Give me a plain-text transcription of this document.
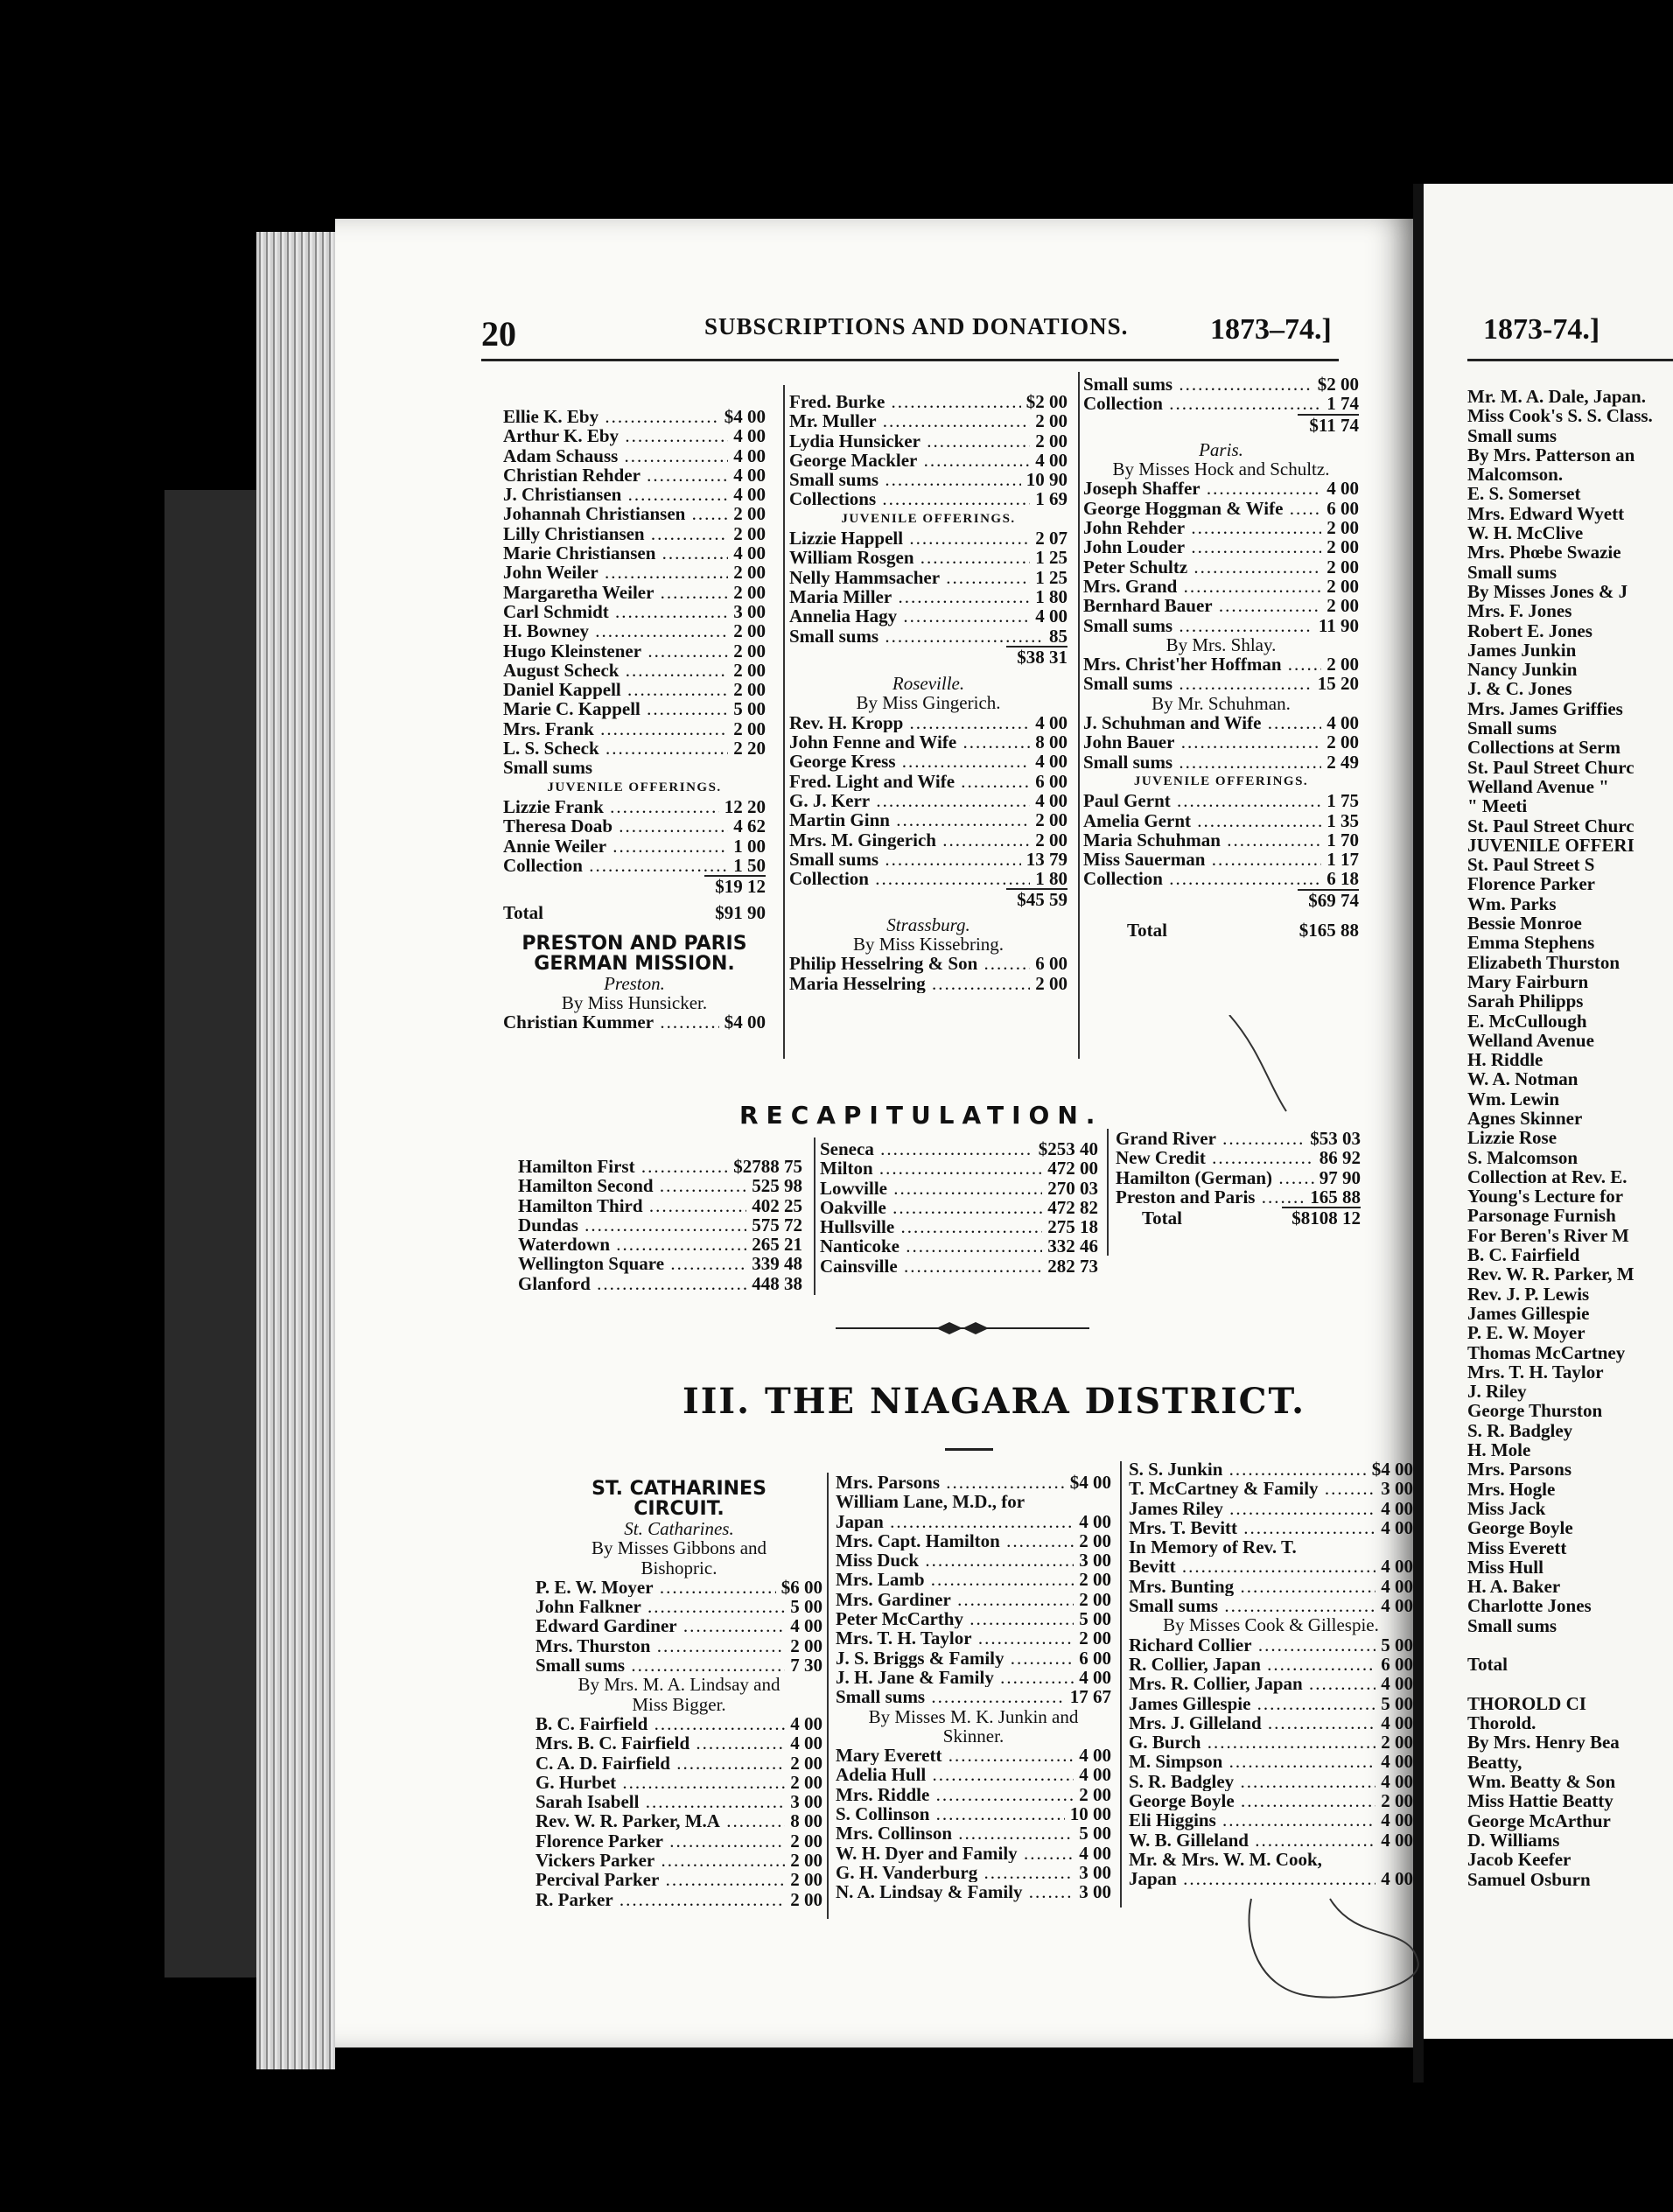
20	SUBSCRIPTIONS AND DONATIONS.	1873–74.]
Ellie K. Eby .....	$4 00
Arthur K. Eby .....	4 00
Adam Schauss .....	4 00
Christian Rehder .....	4 00
J. Christiansen .....	4 00
Johannah Christiansen .....	2 00
Lilly Christiansen .....	2 00
Marie Christiansen .....	4 00
John Weiler .....	2 00
Margaretha Weiler .....	2 00
Carl Schmidt .....	3 00
H. Bowney .....	2 00
Hugo Kleinstener .....	2 00
August Scheck .....	2 00
Daniel Kappell .....	2 00
Marie C. Kappell .....	5 00
Mrs. Frank .....	2 00
L. S. Scheck .....	2 20
Small sums
JUVENILE OFFERINGS.
Lizzie Frank .....	12 20
Theresa Doab .....	4 62
Annie Weiler .....	1 00
Collection .....	1 50
$19 12
Total	$91 90
PRESTON AND PARIS
GERMAN MISSION.
Preston.
By Miss Hunsicker.
Christian Kummer .....	$4 00
Fred. Burke .....	$2 00
Mr. Muller .....	2 00
Lydia Hunsicker .....	2 00
George Mackler .....	4 00
Small sums .....	10 90
Collections .....	1 69
JUVENILE OFFERINGS.
Lizzie Happell .....	2 07
William Rosgen .....	1 25
Nelly Hammsacher .....	1 25
Maria Miller .....	1 80
Annelia Hagy .....	4 00
Small sums .....	85
$38 31
Roseville.
By Miss Gingerich.
Rev. H. Kropp .....	4 00
John Fenne and Wife .....	8 00
George Kress .....	4 00
Fred. Light and Wife .....	6 00
G. J. Kerr .....	4 00
Martin Ginn .....	2 00
Mrs. M. Gingerich .....	2 00
Small sums .....	13 79
Collection .....	1 80
$45 59
Strassburg.
By Miss Kissebring.
Philip Hesselring & Son .....	6 00
Maria Hesselring .....	2 00
Small sums .....	$2 00
Collection .....	1 74
$11 74
Paris.
By Misses Hock and Schultz.
Joseph Shaffer .....	4 00
George Hoggman & Wife .....	6 00
John Rehder .....	2 00
John Louder .....	2 00
Peter Schultz .....	2 00
Mrs. Grand .....	2 00
Bernhard Bauer .....	2 00
Small sums .....	11 90
By Mrs. Shlay.
Mrs. Christ'her Hoffman .....	2 00
Small sums .....	15 20
By Mr. Schuhman.
J. Schuhman and Wife .....	4 00
John Bauer .....	2 00
Small sums .....	2 49
JUVENILE OFFERINGS.
Paul Gernt .....	1 75
Amelia Gernt .....	1 35
Maria Schuhman .....	1 70
Miss Sauerman .....	1 17
Collection .....	6 18
$69 74
Total	$165 88
RECAPITULATION.
Hamilton First .....	$2788 75
Hamilton Second .....	525 98
Hamilton Third .....	402 25
Dundas .....	575 72
Waterdown .....	265 21
Wellington Square .....	339 48
Glanford .....	448 38
Seneca .....	$253 40
Milton .....	472 00
Lowville .....	270 03
Oakville .....	472 82
Hullsville .....	275 18
Nanticoke .....	332 46
Cainsville .....	282 73
Grand River .....	$53 03
New Credit .....	86 92
Hamilton (German) .....	97 90
Preston and Paris .....	165 88
Total	$8108 12
III. THE NIAGARA DISTRICT.
ST. CATHARINES
CIRCUIT.
St. Catharines.
By Misses Gibbons and
Bishopric.
P. E. W. Moyer .....	$6 00
John Falkner .....	5 00
Edward Gardiner .....	4 00
Mrs. Thurston .....	2 00
Small sums .....	7 30
By Mrs. M. A. Lindsay and
Miss Bigger.
B. C. Fairfield .....	4 00
Mrs. B. C. Fairfield .....	4 00
C. A. D. Fairfield .....	2 00
G. Hurbet .....	2 00
Sarah Isabell .....	3 00
Rev. W. R. Parker, M.A .....	8 00
Florence Parker .....	2 00
Vickers Parker .....	2 00
Percival Parker .....	2 00
R. Parker .....	2 00
Mrs. Parsons .....	$4 00
William Lane, M.D., for
Japan .....	4 00
Mrs. Capt. Hamilton .....	2 00
Miss Duck .....	3 00
Mrs. Lamb .....	2 00
Mrs. Gardiner .....	2 00
Peter McCarthy .....	5 00
Mrs. T. H. Taylor .....	2 00
J. S. Briggs & Family .....	6 00
J. H. Jane & Family .....	4 00
Small sums .....	17 67
By Misses M. K. Junkin and
Skinner.
Mary Everett .....	4 00
Adelia Hull .....	4 00
Mrs. Riddle .....	2 00
S. Collinson .....	10 00
Mrs. Collinson .....	5 00
W. H. Dyer and Family .....	4 00
G. H. Vanderburg .....	3 00
N. A. Lindsay & Family .....	3 00
S. S. Junkin .....	$4 00
T. McCartney & Family .....	3 00
James Riley .....	4 00
Mrs. T. Bevitt .....	4 00
In Memory of Rev. T.
Bevitt .....	4 00
Mrs. Bunting .....	4 00
Small sums .....	4 00
By Misses Cook & Gillespie.
Richard Collier .....	5 00
R. Collier, Japan .....	6 00
Mrs. R. Collier, Japan .....	4 00
James Gillespie .....	5 00
Mrs. J. Gilleland .....	4 00
G. Burch .....	2 00
M. Simpson .....	4 00
S. R. Badgley .....	4 00
George Boyle .....	2 00
Eli Higgins .....	4 00
W. B. Gilleland .....	4 00
Mr. & Mrs. W. M. Cook,
Japan .....	4 00
1873-74.]
Mr. M. A. Dale, Japan.
Miss Cook's S. S. Class.
Small sums
By Mrs. Patterson an
Malcomson.
E. S. Somerset
Mrs. Edward Wyett
W. H. McClive
Mrs. Phœbe Swazie
Small sums
By Misses Jones & J
Mrs. F. Jones
Robert E. Jones
James Junkin
Nancy Junkin
J. & C. Jones
Mrs. James Griffies
Small sums
Collections at Serm
St. Paul Street Churc
Welland Avenue "
" Meeti
St. Paul Street Churc
JUVENILE OFFERI
St. Paul Street S
Florence Parker
Wm. Parks
Bessie Monroe
Emma Stephens
Elizabeth Thurston
Mary Fairburn
Sarah Philipps
E. McCullough
Welland Avenue
H. Riddle
W. A. Notman
Wm. Lewin
Agnes Skinner
Lizzie Rose
S. Malcomson
Collection at Rev. E.
Young's Lecture for
Parsonage Furnish
For Beren's River M
B. C. Fairfield
Rev. W. R. Parker, M
Rev. J. P. Lewis
James Gillespie
P. E. W. Moyer
Thomas McCartney
Mrs. T. H. Taylor
J. Riley
George Thurston
S. R. Badgley
H. Mole
Mrs. Parsons
Mrs. Hogle
Miss Jack
George Boyle
Miss Everett
Miss Hull
H. A. Baker
Charlotte Jones
Small sums
Total
THOROLD CI
Thorold.
By Mrs. Henry Bea
Beatty,
Wm. Beatty & Son
Miss Hattie Beatty
George McArthur
D. Williams
Jacob Keefer
Samuel Osburn
